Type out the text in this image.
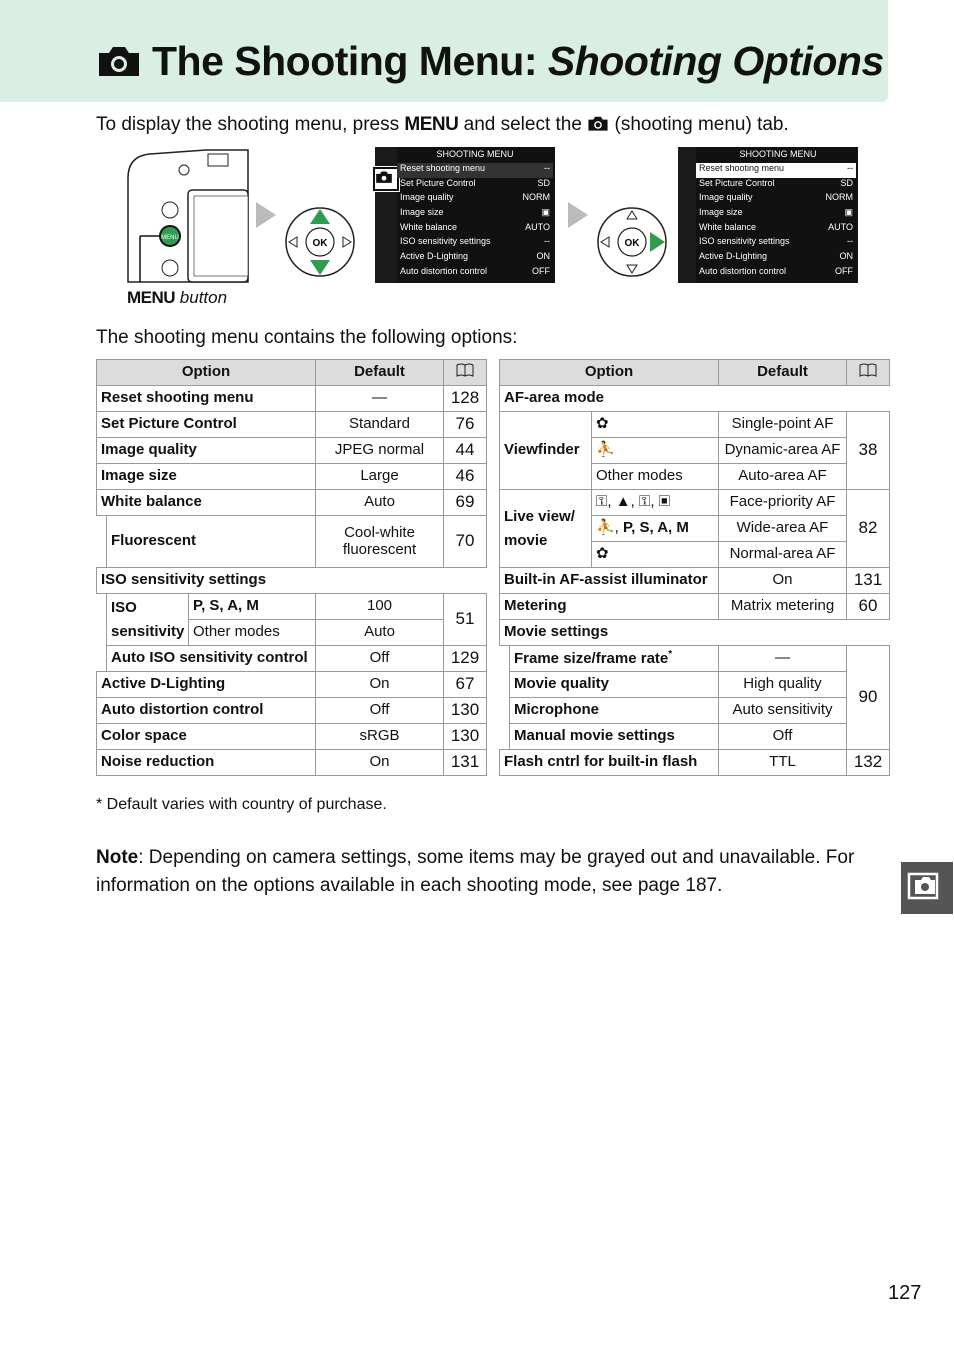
The Shooting Menu: Shooting Options
To display the shooting menu, press MENU and select the (shooting menu) tab.
MENU	OK
SHOOTING MENU
Reset shooting menu	--
Set Picture Control	SD
Image quality	NORM
Image size	▣
White balance	AUTO
ISO sensitivity settings	--
Active D-Lighting	ON
Auto distortion control	OFF
OK
SHOOTING MENU
Reset shooting menu	--
Set Picture Control	SD
Image quality	NORM
Image size	▣
White balance	AUTO
ISO sensitivity settings	--
Active D-Lighting	ON
Auto distortion control	OFF
MENU button
The shooting menu contains the following options:
Option			Default	
Reset shooting menu			—	128
Set Picture Control			Standard	76
Image quality			JPEG normal	44
Image size			Large	46
White balance			Auto	69
	Fluorescent		Cool-white
fluorescent	70
ISO sensitivity settings				
	ISO
sensitivity	P, S, A, M	100	51
		Other modes	Auto	
	Auto ISO sensitivity control		Off	129
Active D-Lighting			On	67
Auto distortion control			Off	130
Color space			sRGB	130
Noise reduction			On	131
Option			Default	
AF-area mode				
Viewfinder		✿	Single-point AF	38
		⛹	Dynamic-area AF	
		Other modes	Auto-area AF	
Live view/
movie		⚿, ▲, ⚿, ▣	Face-priority AF	82
		⛹, P, S, A, M	Wide-area AF	
		✿	Normal-area AF	
Built-in AF-assist illuminator			On	131
Metering			Matrix metering	60
Movie settings				
	Frame size/frame rate*		—	90
	Movie quality		High quality	
	Microphone		Auto sensitivity	
	Manual movie settings		Off	
Flash cntrl for built-in flash			TTL	132
* Default varies with country of purchase.
Note: Depending on camera settings, some items may be grayed out and unavailable. For information on the options available in each shooting mode, see page 187.
127
